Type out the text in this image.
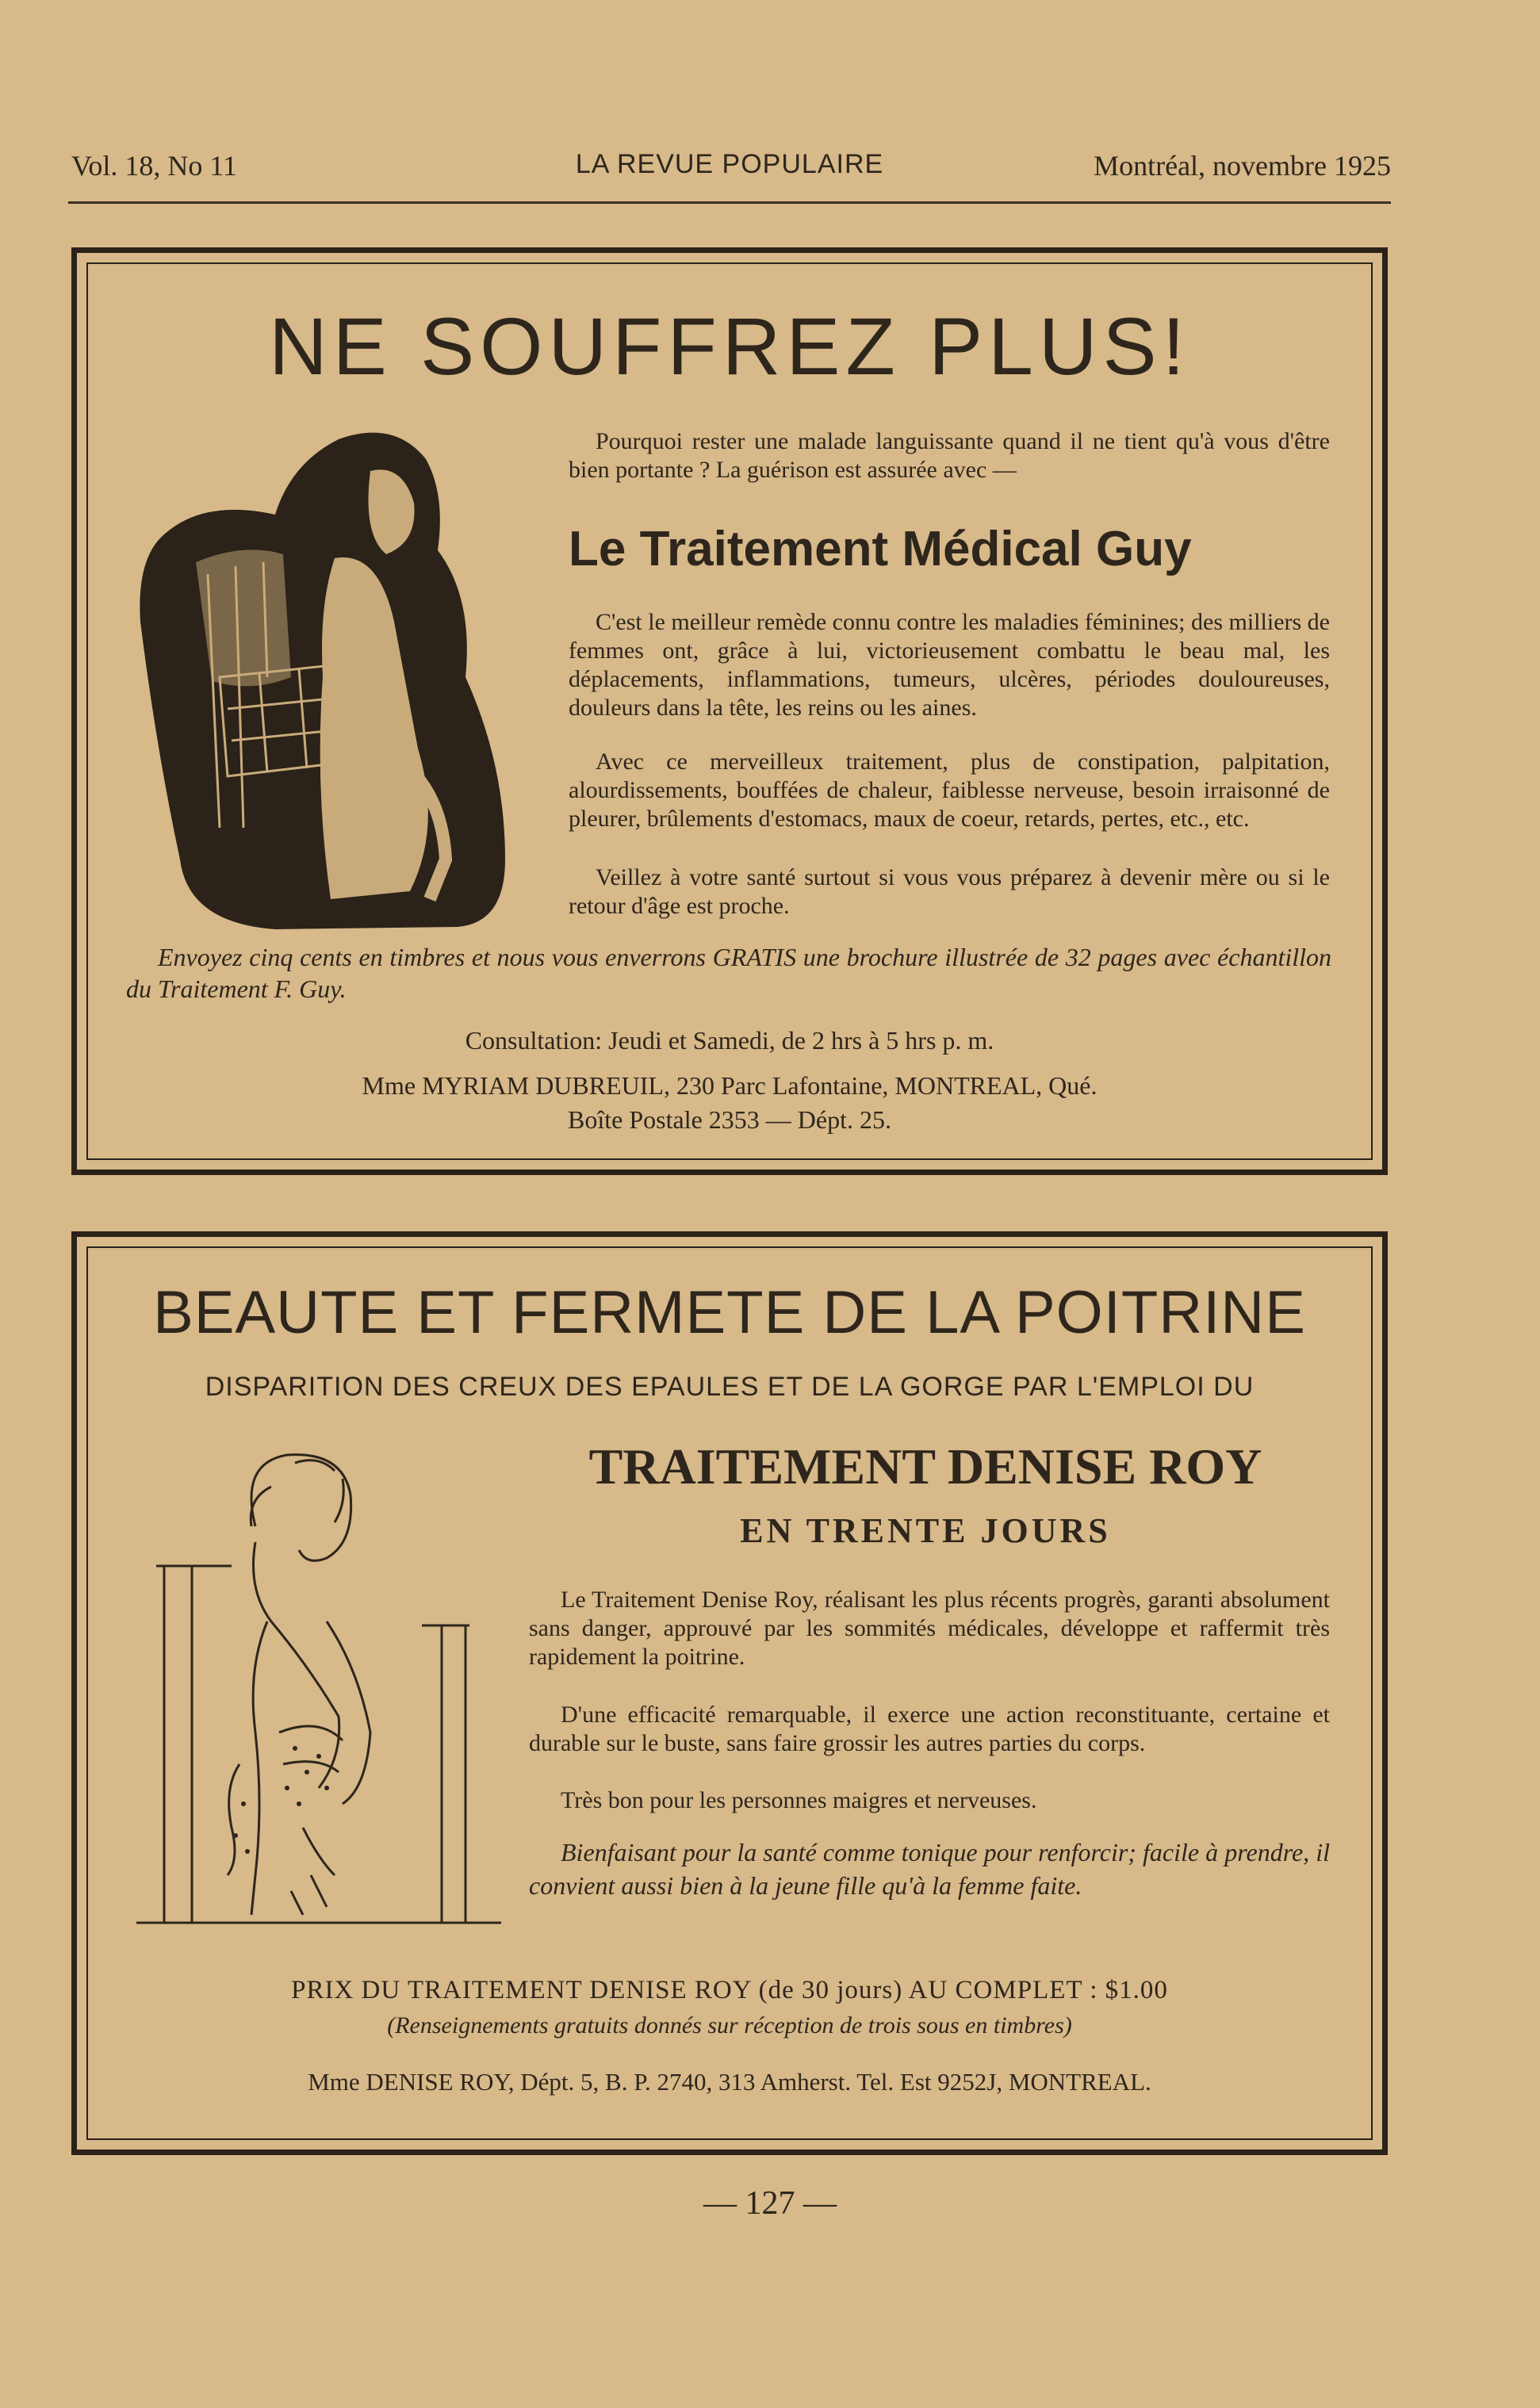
Vol. 18, No 11	LA REVUE POPULAIRE	Montréal, novembre 1925
NE SOUFFREZ PLUS!
Pourquoi rester une malade languissante quand il ne tient qu'à vous d'être bien portante ? La guérison est assurée avec —
Le Traitement Médical Guy
C'est le meilleur remède connu contre les maladies féminines; des milliers de femmes ont, grâce à lui, victorieusement combattu le beau mal, les déplacements, inflammations, tumeurs, ulcères, périodes douloureuses, douleurs dans la tête, les reins ou les aines.
Avec ce merveilleux traitement, plus de constipation, palpitation, alourdissements, bouffées de chaleur, faiblesse nerveuse, besoin irraisonné de pleurer, brûlements d'estomacs, maux de coeur, retards, pertes, etc., etc.
Veillez à votre santé surtout si vous vous préparez à devenir mère ou si le retour d'âge est proche.
Envoyez cinq cents en timbres et nous vous enverrons GRATIS une brochure illustrée de 32 pages avec échantillon du Traitement F. Guy.
Consultation: Jeudi et Samedi, de 2 hrs à 5 hrs p. m.
Mme MYRIAM DUBREUIL, 230 Parc Lafontaine, MONTREAL, Qué.
Boîte Postale 2353 — Dépt. 25.
BEAUTE ET FERMETE DE LA POITRINE
DISPARITION DES CREUX DES EPAULES ET DE LA GORGE PAR L'EMPLOI DU
TRAITEMENT DENISE ROY
EN TRENTE JOURS
Le Traitement Denise Roy, réalisant les plus récents progrès, garanti absolument sans danger, approuvé par les sommités médicales, développe et raffermit très rapidement la poitrine.
D'une efficacité remarquable, il exerce une action reconstituante, certaine et durable sur le buste, sans faire grossir les autres parties du corps.
Très bon pour les personnes maigres et nerveuses.
Bienfaisant pour la santé comme tonique pour renforcir; facile à prendre, il convient aussi bien à la jeune fille qu'à la femme faite.
PRIX DU TRAITEMENT DENISE ROY (de 30 jours) AU COMPLET : $1.00
(Renseignements gratuits donnés sur réception de trois sous en timbres)
Mme DENISE ROY, Dépt. 5, B. P. 2740, 313 Amherst. Tel. Est 9252J, MONTREAL.
— 127 —
